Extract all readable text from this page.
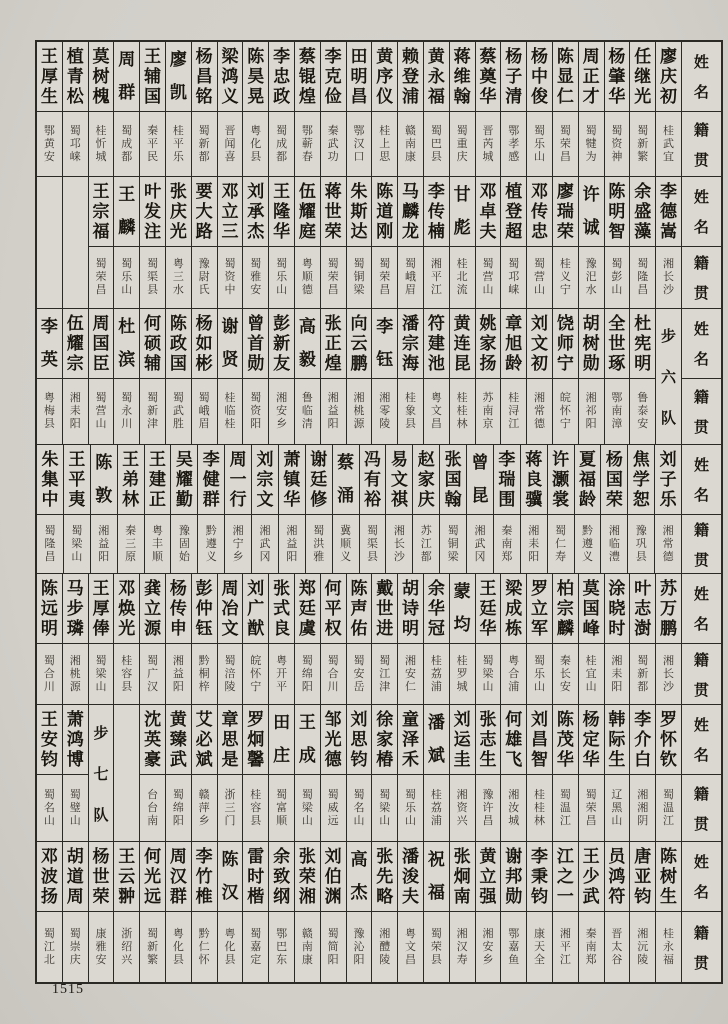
王
厚
生
鄂
黄
安
植
青
松
蜀
邛
崃
莫
树
槐
桂
忻
城
周
群
蜀
成
都
王
辅
国
秦
平
民
廖
凯
桂
平
乐
杨
昌
铭
蜀
新
都
梁
鸿
义
晋
闻
喜
陈
昊
晃
粤
化
县
李
忠
政
蜀
成
都
蔡
锟
煌
鄂
蕲
春
李
克
俭
秦
武
功
田
明
昌
鄂
汉
口
黄
序
仪
桂
上
思
赖
登
浦
赣
南
康
黄
永
福
蜀
巴
县
蒋
维
翰
蜀
重
庆
蔡
奠
华
晋
芮
城
杨
子
清
鄂
孝
感
杨
中
俊
蜀
乐
山
陈
显
仁
蜀
荣
昌
周
正
才
蜀
犍
为
杨
肇
华
蜀
资
神
任
继
光
蜀
新
繁
廖
庆
初
桂
武
宜
姓
名
籍
贯
王
宗
福
蜀
荣
昌
王
麟
蜀
乐
山
叶
发
注
蜀
渠
县
张
庆
光
粤
三
水
要
大
路
豫
尉
氏
邓
立
三
蜀
资
中
刘
承
杰
蜀
雅
安
王
隆
华
蜀
乐
山
伍
耀
庭
粤
顺
德
蒋
世
荣
蜀
荣
昌
朱
斯
达
蜀
铜
梁
陈
道
刚
蜀
荣
昌
马
麟
龙
蜀
峨
眉
李
传
楠
湘
平
江
甘
彪
桂
北
流
邓
卓
夫
蜀
营
山
植
登
超
蜀
邛
崃
邓
传
忠
蜀
营
山
廖
瑞
荣
桂
义
宁
许
诚
豫
汜
水
陈
明
智
蜀
彭
山
余
盛
藻
蜀
隆
昌
李
德
嵩
湘
长
沙
姓
名
籍
贯
李
英
粤
梅
县
伍
耀
宗
湘
耒
阳
周
国
臣
蜀
营
山
杜
滨
蜀
永
川
何
硕
辅
蜀
新
津
陈
政
国
蜀
武
胜
杨
如
彬
蜀
峨
眉
谢
贤
桂
临
桂
曾
首
勋
蜀
资
阳
彭
新
友
湘
安
乡
高
毅
鲁
临
清
张
正
煌
湘
益
阳
向
云
鹏
湘
桃
源
李
钰
湘
零
陵
潘
宗
海
桂
象
县
符
建
池
粤
文
昌
黄
连
昆
桂
桂
林
姚
家
扬
苏
南
京
章
旭
龄
桂
浔
江
刘
文
初
湘
常
德
饶
师
宁
皖
怀
宁
胡
树
勋
湘
祁
阳
全
世
琢
鄂
南
漳
杜
宪
明
鲁
泰
安
步
六
队
姓
名
籍
贯
朱
集
中
蜀
隆
昌
王
平
夷
蜀
梁
山
陈
敦
湘
益
阳
王
弟
林
秦
三
原
王
建
正
粤
丰
顺
吴
耀
勤
豫
固
始
李
健
群
黔
遵
义
周
一
行
湘
宁
乡
刘
宗
文
湘
武
冈
萧
镇
华
湘
益
阳
谢
廷
修
蜀
洪
雅
蔡
涌
冀
顺
义
冯
有
裕
蜀
渠
县
易
文
祺
湘
长
沙
赵
家
庆
苏
江
都
张
国
翰
蜀
铜
梁
曾
昆
湘
武
冈
李
瑞
围
秦
南
郑
蒋
良
骥
湘
耒
阳
许
灏
裳
蜀
仁
寿
夏
福
龄
黔
遵
义
杨
国
荣
湘
临
澧
焦
学
恕
豫
巩
县
刘
子
乐
湘
常
德
姓
名
籍
贯
陈
远
明
蜀
合
川
马
步
璘
湘
桃
源
王
厚
俸
蜀
梁
山
邓
焕
光
桂
容
县
龚
立
源
蜀
广
汉
杨
传
申
湘
益
阳
彭
仲
钰
黔
桐
梓
周
冶
文
蜀
涪
陵
刘
广
猷
皖
怀
宁
张
式
良
粤
开
平
郑
廷
虞
蜀
绵
阳
何
平
权
蜀
合
川
陈
声
佑
蜀
安
岳
戴
世
进
蜀
江
津
胡
诗
明
湘
安
仁
余
华
冠
桂
荔
浦
蒙
均
桂
罗
城
王
廷
华
蜀
梁
山
梁
成
栋
粤
合
浦
罗
立
军
蜀
乐
山
柏
宗
麟
秦
长
安
莫
国
峰
桂
宜
山
涂
晓
时
湘
耒
阳
叶
志
澍
蜀
新
都
苏
万
鹏
湘
长
沙
姓
名
籍
贯
王
安
钧
蜀
名
山
萧
鸿
博
蜀
璧
山
步
七
队
沈
英
豪
台
台
南
黄
臻
武
蜀
绵
阳
艾
必
斌
赣
萍
乡
章
思
是
浙
三
门
罗
炯
馨
桂
容
县
田
庄
蜀
富
顺
王
成
蜀
梁
山
邹
光
德
蜀
威
远
刘
思
钧
蜀
名
山
徐
家
椿
蜀
梁
山
童
泽
禾
蜀
乐
山
潘
斌
桂
荔
浦
刘
运
圭
湘
资
兴
张
志
生
豫
许
昌
何
雄
飞
湘
汝
城
刘
昌
智
桂
桂
林
陈
茂
华
蜀
温
江
杨
定
华
蜀
荣
昌
韩
际
生
辽
黑
山
李
介
白
湘
湘
阴
罗
怀
钦
蜀
温
江
姓
名
籍
贯
邓
波
扬
蜀
江
北
胡
道
周
蜀
崇
庆
杨
世
荣
康
雅
安
王
云
翀
浙
绍
兴
何
光
远
蜀
新
繁
周
汉
群
粤
化
县
李
竹
椎
黔
仁
怀
陈
汉
粤
化
县
雷
时
楷
蜀
嘉
定
余
致
纲
鄂
巴
东
张
荣
湘
赣
南
康
刘
伯
渊
蜀
简
阳
高
杰
豫
沁
阳
张
先
略
湘
醴
陵
潘
浚
夫
粤
文
昌
祝
福
蜀
荣
县
张
炯
南
湘
汉
寿
黄
立
强
湘
安
乡
谢
邦
勋
鄂
嘉
鱼
李
秉
钧
康
天
全
江
之
一
湘
平
江
王
少
武
秦
南
郑
员
鸿
符
晋
太
谷
唐
亚
钧
湘
沅
陵
陈
树
生
桂
永
福
姓
名
籍
贯
1515
